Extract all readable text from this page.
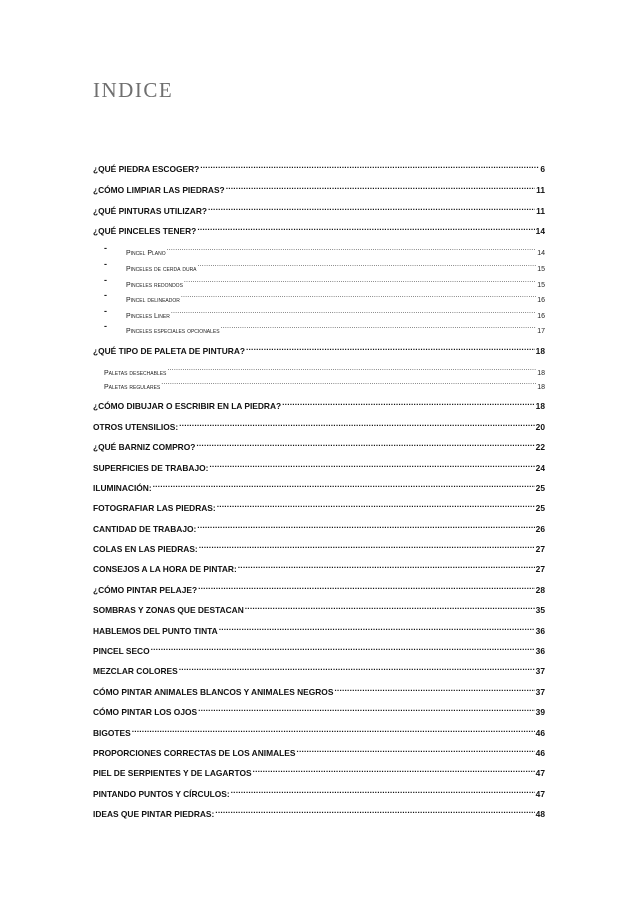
INDICE
¿QUÉ PIEDRA ESCOGER? .....	6
¿CÓMO LIMPIAR LAS PIEDRAS? .....	11
¿QUÉ PINTURAS UTILIZAR? .....	11
¿QUÉ PINCELES TENER? .....	14
-
Pincel Plano .....	14
-
Pinceles de cerda dura .....	15
-
Pinceles redondos .....	15
-
Pincel delineador .....	16
-
Pinceles Liner .....	16
-
Pinceles especiales opcionales .....	17
¿QUÉ TIPO DE PALETA DE PINTURA? .....	18
Paletas desechables .....	18
Paletas regulares .....	18
¿CÓMO DIBUJAR O ESCRIBIR EN LA PIEDRA? .....	18
OTROS UTENSILIOS: .....	20
¿QUÉ BARNIZ COMPRO? .....	22
SUPERFICIES DE TRABAJO: .....	24
ILUMINACIÓN: .....	25
FOTOGRAFIAR LAS PIEDRAS: .....	25
CANTIDAD DE TRABAJO: .....	26
COLAS EN LAS PIEDRAS: .....	27
CONSEJOS A LA HORA DE PINTAR: .....	27
¿CÓMO PINTAR PELAJE? .....	28
SOMBRAS Y ZONAS QUE DESTACAN .....	35
HABLEMOS DEL PUNTO TINTA .....	36
PINCEL SECO .....	36
MEZCLAR COLORES .....	37
CÓMO PINTAR ANIMALES BLANCOS Y ANIMALES NEGROS .....	37
CÓMO PINTAR LOS OJOS .....	39
BIGOTES .....	46
PROPORCIONES CORRECTAS DE LOS ANIMALES .....	46
PIEL DE SERPIENTES Y DE LAGARTOS .....	47
PINTANDO PUNTOS Y CÍRCULOS: .....	47
IDEAS QUE PINTAR PIEDRAS: .....	48
